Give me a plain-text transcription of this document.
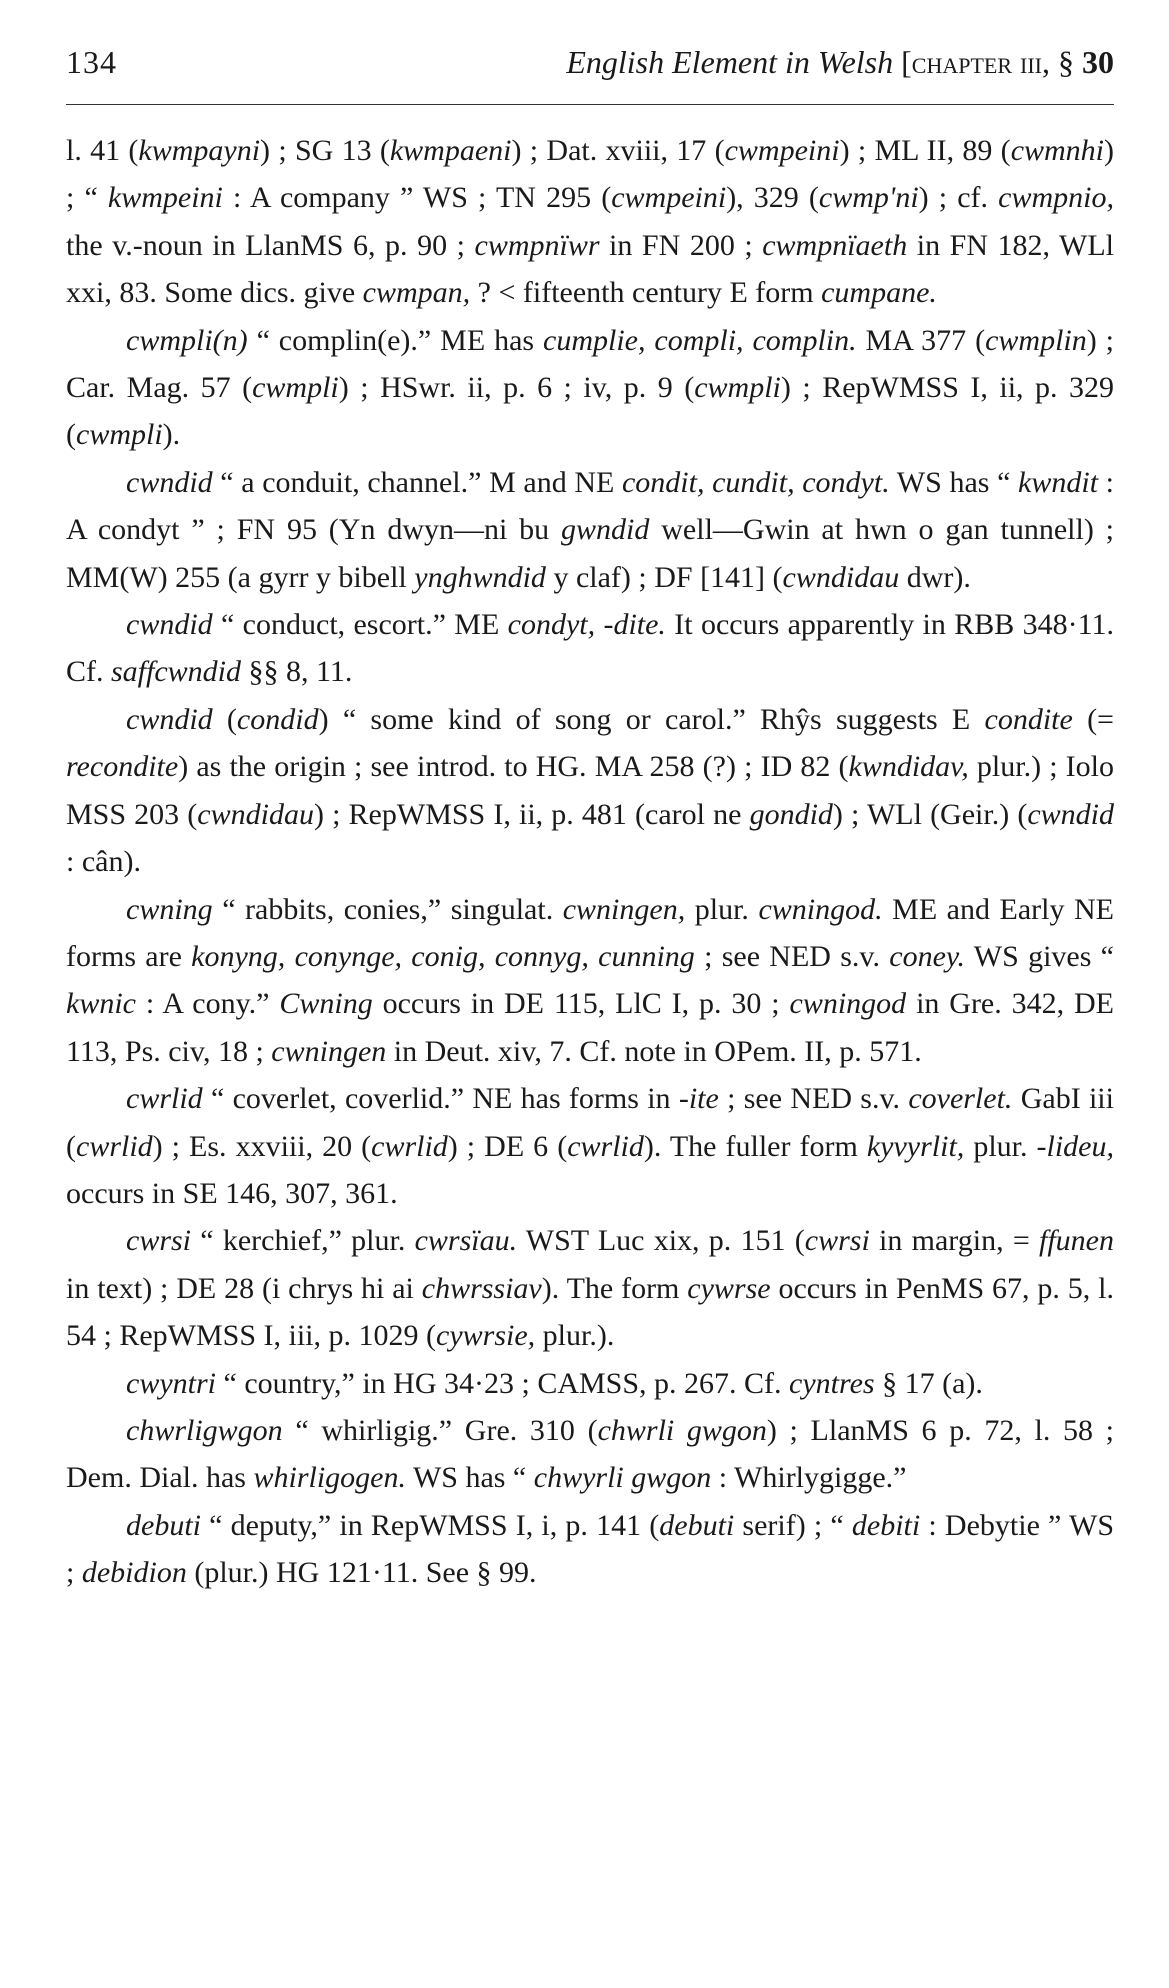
134	English Element in Welsh [chapter iii, § 30

l. 41 (kwmpayni) ; SG 13 (kwmpaeni) ; Dat. xviii, 17 (cwmpeini) ; ML II, 89 (cwmnhi) ; “ kwmpeini : A company ” WS ; TN 295 (cwmpeini), 329 (cwmp'ni) ; cf. cwmpnio, the v.-noun in LlanMS 6, p. 90 ; cwmpnïwr in FN 200 ; cwmpnïaeth in FN 182, WLl xxi, 83. Some dics. give cwmpan, ? < fifteenth century E form cumpane.

cwmpli(n) “ complin(e).” ME has cumplie, compli, complin. MA 377 (cwmplin) ; Car. Mag. 57 (cwmpli) ; HSwr. ii, p. 6 ; iv, p. 9 (cwmpli) ; RepWMSS I, ii, p. 329 (cwmpli).

cwndid “ a conduit, channel.” M and NE condit, cundit, condyt. WS has “ kwndit : A condyt ” ; FN 95 (Yn dwyn—ni bu gwndid well—Gwin at hwn o gan tunnell) ; MM(W) 255 (a gyrr y bibell ynghwndid y claf) ; DF [141] (cwndidau dwr).

cwndid “ conduct, escort.” ME condyt, -dite. It occurs apparently in RBB 348·11. Cf. saffcwndid §§ 8, 11.

cwndid (condid) “ some kind of song or carol.” Rhŷs suggests E condite (= recondite) as the origin ; see introd. to HG. MA 258 (?) ; ID 82 (kwndidav, plur.) ; Iolo MSS 203 (cwndidau) ; RepWMSS I, ii, p. 481 (carol ne gondid) ; WLl (Geir.) (cwndid : cân).

cwning “ rabbits, conies,” singulat. cwningen, plur. cwningod. ME and Early NE forms are konyng, conynge, conig, connyg, cunning ; see NED s.v. coney. WS gives “ kwnic : A cony.” Cwning occurs in DE 115, LlC I, p. 30 ; cwningod in Gre. 342, DE 113, Ps. civ, 18 ; cwningen in Deut. xiv, 7. Cf. note in OPem. II, p. 571.

cwrlid “ coverlet, coverlid.” NE has forms in -ite ; see NED s.v. coverlet. GabI iii (cwrlid) ; Es. xxviii, 20 (cwrlid) ; DE 6 (cwrlid). The fuller form kyvyrlit, plur. -lideu, occurs in SE 146, 307, 361.

cwrsi “ kerchief,” plur. cwrsïau. WST Luc xix, p. 151 (cwrsi in margin, = ffunen in text) ; DE 28 (i chrys hi ai chwrssiav). The form cywrse occurs in PenMS 67, p. 5, l. 54 ; RepWMSS I, iii, p. 1029 (cywrsie, plur.).

cwyntri “ country,” in HG 34·23 ; CAMSS, p. 267. Cf. cyntres § 17 (a).

chwrligwgon “ whirligig.” Gre. 310 (chwrli gwgon) ; LlanMS 6 p. 72, l. 58 ; Dem. Dial. has whirligogen. WS has “ chwyrli gwgon : Whirlygigge.”

debuti “ deputy,” in RepWMSS I, i, p. 141 (debuti serif) ; “ debiti : Debytie ” WS ; debidion (plur.) HG 121·11. See § 99.
